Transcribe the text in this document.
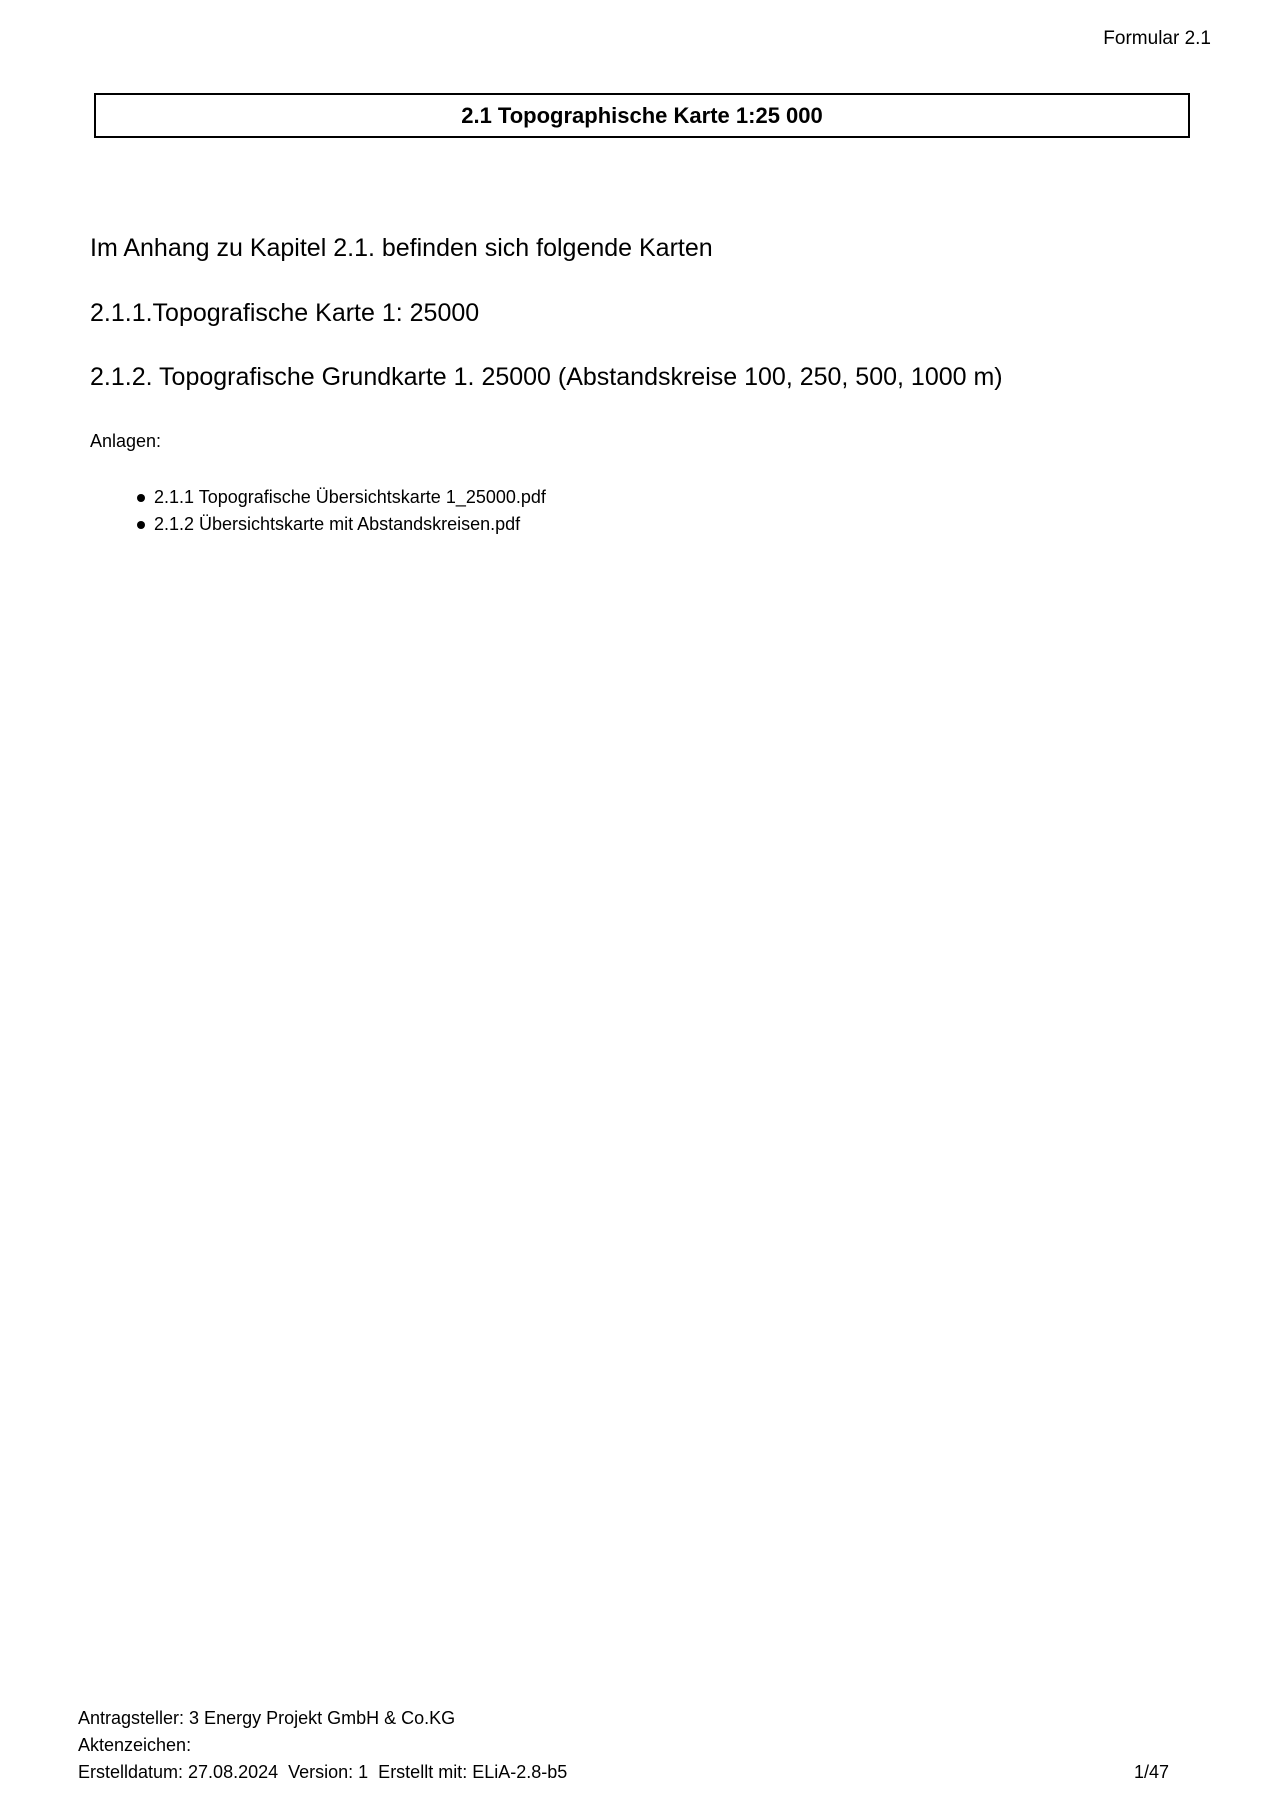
Formular 2.1
2.1 Topographische Karte 1:25 000
Im Anhang zu Kapitel 2.1. befinden sich folgende Karten
2.1.1.Topografische Karte 1: 25000
2.1.2. Topografische Grundkarte 1. 25000 (Abstandskreise 100, 250, 500, 1000 m)
Anlagen:
2.1.1 Topografische Übersichtskarte 1_25000.pdf
2.1.2 Übersichtskarte mit Abstandskreisen.pdf
Antragsteller: 3 Energy Projekt GmbH & Co.KG
Aktenzeichen:
Erstelldatum: 27.08.2024  Version: 1  Erstellt mit: ELiA-2.8-b5	1/47
